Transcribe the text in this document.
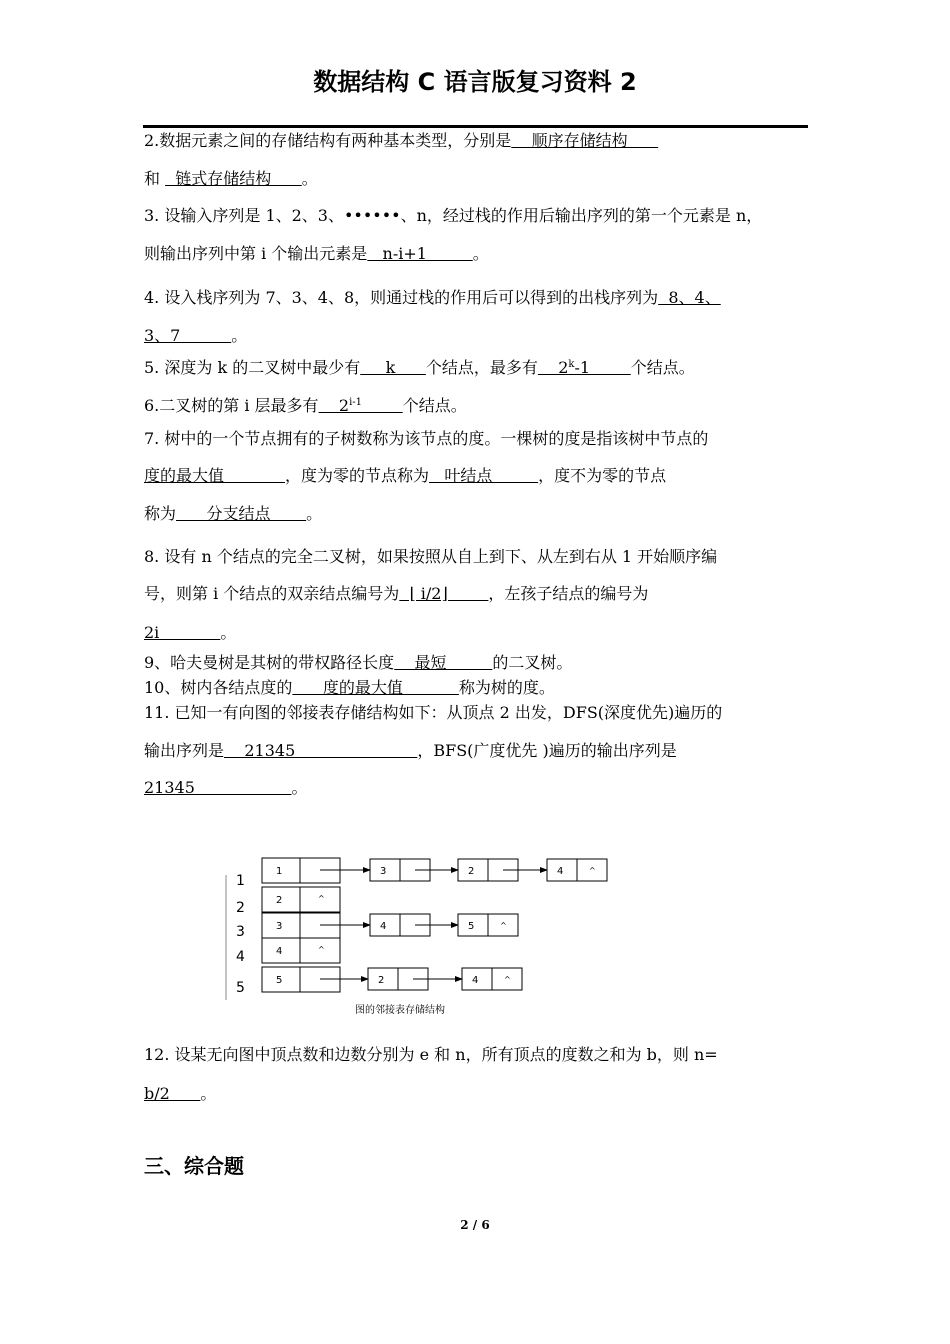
数据结构 C 语言版复习资料 2
2.数据元素之间的存储结构有两种基本类型，分别是    顺序存储结构
和   链式存储结构      。
3. 设输入序列是 1、2、3、••••••、n，经过栈的作用后输出序列的第一个元素是 n，
则输出序列中第 i 个输出元素是   n-i+1         。
4. 设入栈序列为 7、3、4、8，则通过栈的作用后可以得到的出栈序列为  8、4、
3、7          。
5. 深度为 k 的二叉树中最少有     k      个结点，最多有    2$^k$-1        个结点。
6.二叉树的第 i 层最多有    2$^{i-1}$	个结点。
7. 树中的一个节点拥有的子树数称为该节点的度。一棵树的度是指该树中节点的
度的最大值            ，度为零的节点称为   叶结点         ，度不为零的节点
称为      分支结点       。
8. 设有 n 个结点的完全二叉树，如果按照从自上到下、从左到右从 1 开始顺序编
号，则第 i 个结点的双亲结点编号为  ⌊ i/2⌋        ，左孩子结点的编号为
2i            。
9、哈夫曼树是其树的带权路径长度    最短         的二叉树。
10、树内各结点度的      度的最大值           称为树的度。
11. 已知一有向图的邻接表存储结构如下：从顶点 2 出发，DFS(深度优先)遍历的
输出序列是    21345                        ，BFS(广度优先 )遍历的输出序列是
21345                   。
1
1
2	2	^
3	3
4	4	^
5	5
3	2	4	^
4	5	^
2	4	^
图的邻接表存储结构
12. 设某无向图中顶点数和边数分别为 e 和 n，所有顶点的度数之和为 b，则 n=
b/2      。
三、综合题
2 / 6
